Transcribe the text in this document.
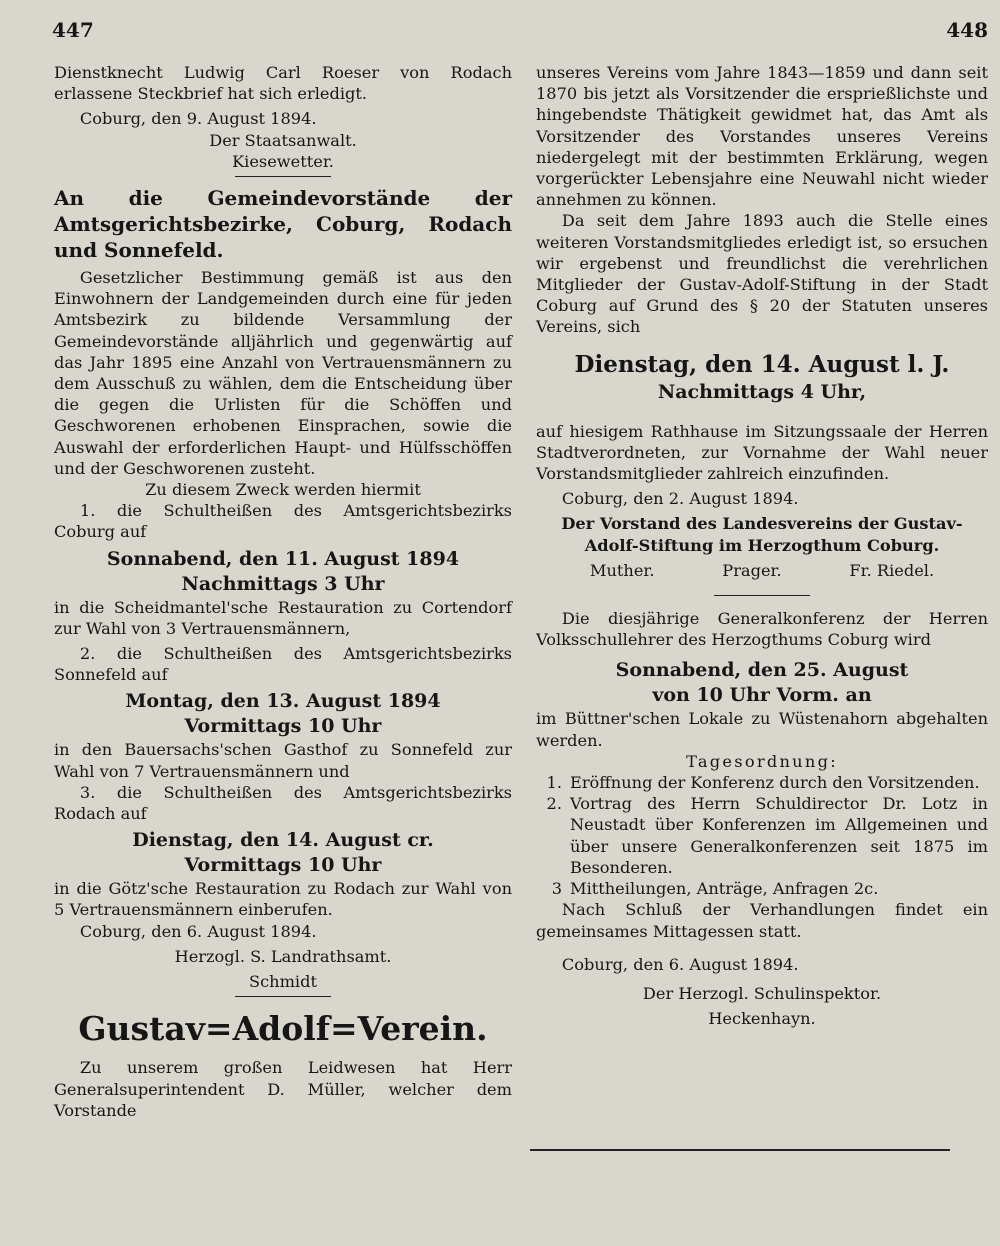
447	448

Dienstknecht Ludwig Carl Roeser von Rodach erlassene Steckbrief hat sich erledigt.

Coburg, den 9. August 1894.

Der Staatsanwalt.

Kiesewetter.

An die Gemeindevorstände der Amtsgerichtsbezirke, Coburg, Rodach und Sonnefeld.

Gesetzlicher Bestimmung gemäß ist aus den Einwohnern der Landgemeinden durch eine für jeden Amtsbezirk zu bildende Versammlung der Gemeindevorstände alljährlich und gegenwärtig auf das Jahr 1895 eine Anzahl von Vertrauensmännern zu dem Ausschuß zu wählen, dem die Entscheidung über die gegen die Urlisten für die Schöffen und Geschworenen erhobenen Einsprachen, sowie die Auswahl der erforderlichen Haupt- und Hülfsschöffen und der Geschworenen zusteht.

Zu diesem Zweck werden hiermit

1. die Schultheißen des Amtsgerichtsbezirks Coburg auf

Sonnabend, den 11. August 1894

Nachmittags 3 Uhr

in die Scheidmantel'sche Restauration zu Cortendorf zur Wahl von 3 Vertrauensmännern,

2. die Schultheißen des Amtsgerichtsbezirks Sonnefeld auf

Montag, den 13. August 1894

Vormittags 10 Uhr

in den Bauersachs'schen Gasthof zu Sonnefeld zur Wahl von 7 Vertrauensmännern und

3. die Schultheißen des Amtsgerichtsbezirks Rodach auf

Dienstag, den 14. August cr.

Vormittags 10 Uhr

in die Götz'sche Restauration zu Rodach zur Wahl von 5 Vertrauensmännern einberufen.

Coburg, den 6. August 1894.

Herzogl. S. Landrathsamt.

Schmidt

Gustav=Adolf=Verein.

Zu unserem großen Leidwesen hat Herr Generalsuperintendent D. Müller, welcher dem Vorstande

unseres Vereins vom Jahre 1843—1859 und dann seit 1870 bis jetzt als Vorsitzender die ersprießlichste und hingebendste Thätigkeit gewidmet hat, das Amt als Vorsitzender des Vorstandes unseres Vereins niedergelegt mit der bestimmten Erklärung, wegen vorgerückter Lebensjahre eine Neuwahl nicht wieder annehmen zu können.

Da seit dem Jahre 1893 auch die Stelle eines weiteren Vorstandsmitgliedes erledigt ist, so ersuchen wir ergebenst und freundlichst die verehrlichen Mitglieder der Gustav-Adolf-Stiftung in der Stadt Coburg auf Grund des § 20 der Statuten unseres Vereins, sich

Dienstag, den 14. August l. J.

Nachmittags 4 Uhr,

auf hiesigem Rathhause im Sitzungssaale der Herren Stadtverordneten, zur Vornahme der Wahl neuer Vorstandsmitglieder zahlreich einzufinden.

Coburg, den 2. August 1894.

Der Vorstand des Landesvereins der Gustav-Adolf-Stiftung im Herzogthum Coburg.

Muther.	Prager.	Fr. Riedel.

Die diesjährige Generalkonferenz der Herren Volksschullehrer des Herzogthums Coburg wird

Sonnabend, den 25. August

von 10 Uhr Vorm. an

im Büttner'schen Lokale zu Wüstenahorn abgehalten werden.

Tagesordnung:

1. Eröffnung der Konferenz durch den Vorsitzenden.
2. Vortrag des Herrn Schuldirector Dr. Lotz in Neustadt über Konferenzen im Allgemeinen und über unsere Generalkonferenzen seit 1875 im Besonderen.
3 Mittheilungen, Anträge, Anfragen 2c.

Nach Schluß der Verhandlungen findet ein gemeinsames Mittagessen statt.

Coburg, den 6. August 1894.

Der Herzogl. Schulinspektor.

Heckenhayn.
